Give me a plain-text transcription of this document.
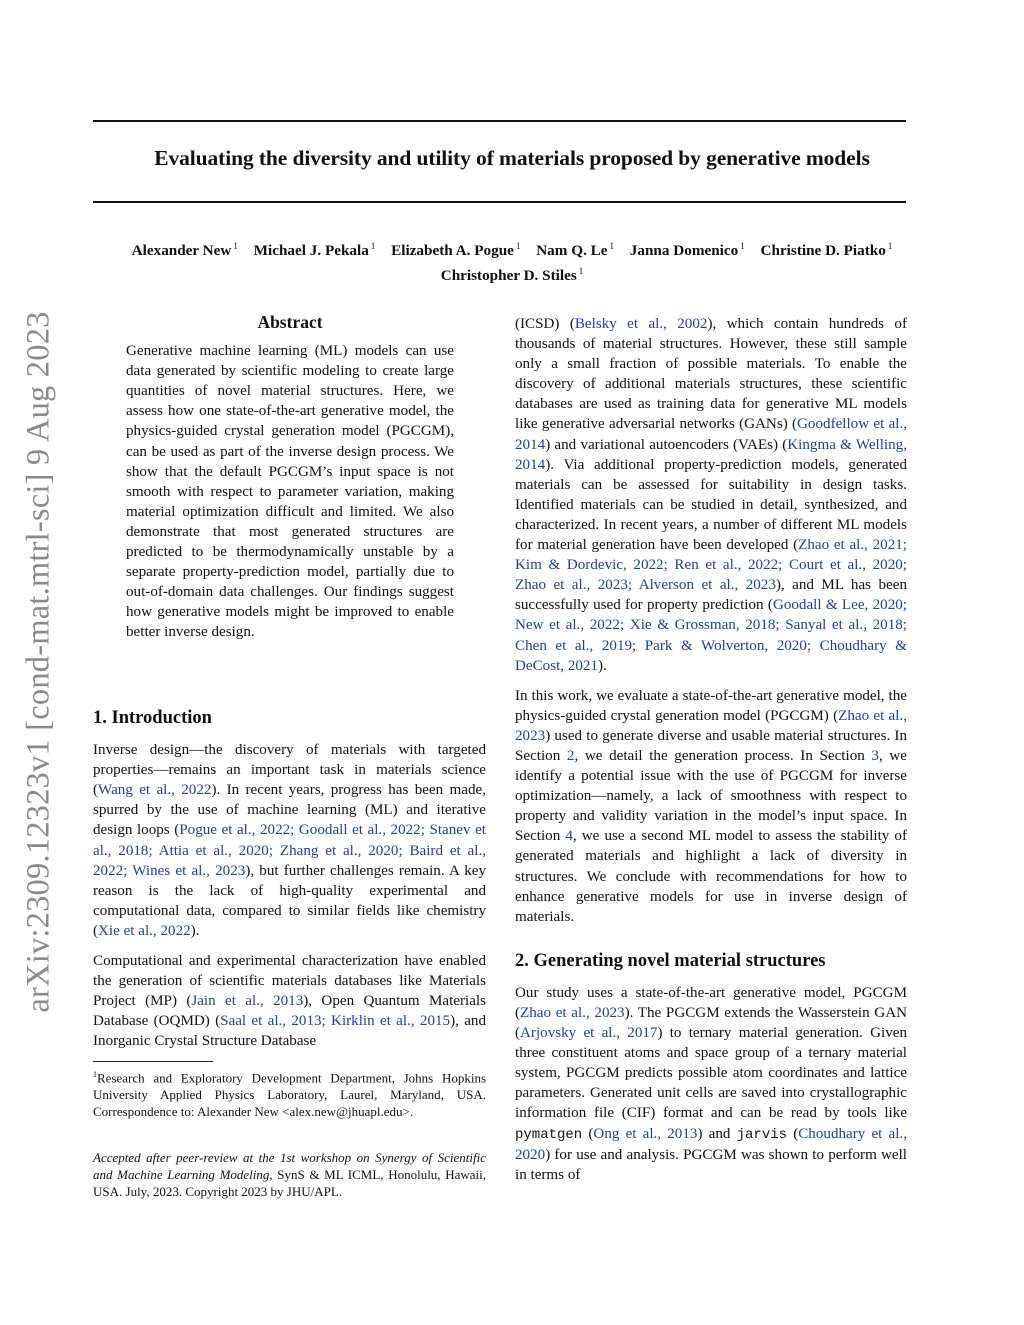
arXiv:2309.12323v1 [cond-mat.mtrl-sci] 9 Aug 2023
Evaluating the diversity and utility of materials proposed by generative models
Alexander New $^1$ Michael J. Pekala $^1$ Elizabeth A. Pogue $^1$ Nam Q. Le $^1$ Janna Domenico $^1$ Christine D. Piatko $^1$
Christopher D. Stiles $^1$
Abstract
Generative machine learning (ML) models can use data generated by scientific modeling to create large quantities of novel material structures. Here, we assess how one state-of-the-art generative model, the physics-guided crystal generation model (PGCGM), can be used as part of the inverse design process. We show that the default PGCGM’s input space is not smooth with respect to parameter variation, making material optimization difficult and limited. We also demonstrate that most generated structures are predicted to be thermodynamically unstable by a separate property-prediction model, partially due to out-of-domain data challenges. Our findings suggest how generative models might be improved to enable better inverse design.
1. Introduction

Inverse design—the discovery of materials with targeted properties—remains an important task in materials science (Wang et al., 2022). In recent years, progress has been made, spurred by the use of machine learning (ML) and iterative design loops (Pogue et al., 2022; Goodall et al., 2022; Stanev et al., 2018; Attia et al., 2020; Zhang et al., 2020; Baird et al., 2022; Wines et al., 2023), but further challenges remain. A key reason is the lack of high-quality experimental and computational data, compared to similar fields like chemistry (Xie et al., 2022).

Computational and experimental characterization have enabled the generation of scientific materials databases like Materials Project (MP) (Jain et al., 2013), Open Quantum Materials Database (OQMD) (Saal et al., 2013; Kirklin et al., 2015), and Inorganic Crystal Structure Database

$^1$Research and Exploratory Development Department, Johns Hopkins University Applied Physics Laboratory, Laurel, Maryland, USA. Correspondence to: Alexander New <alex.new@jhuapl.edu>.
Accepted after peer-review at the 1st workshop on Synergy of Scientific and Machine Learning Modeling, SynS & ML ICML, Honolulu, Hawaii, USA. July, 2023. Copyright 2023 by JHU/APL.

(ICSD) (Belsky et al., 2002), which contain hundreds of thousands of material structures. However, these still sample only a small fraction of possible materials. To enable the discovery of additional materials structures, these scientific databases are used as training data for generative ML models like generative adversarial networks (GANs) (Goodfellow et al., 2014) and variational autoencoders (VAEs) (Kingma & Welling, 2014). Via additional property-prediction models, generated materials can be assessed for suitability in design tasks. Identified materials can be studied in detail, synthesized, and characterized. In recent years, a number of different ML models for material generation have been developed (Zhao et al., 2021; Kim & Dordevic, 2022; Ren et al., 2022; Court et al., 2020; Zhao et al., 2023; Alverson et al., 2023), and ML has been successfully used for property prediction (Goodall & Lee, 2020; New et al., 2022; Xie & Grossman, 2018; Sanyal et al., 2018; Chen et al., 2019; Park & Wolverton, 2020; Choudhary & DeCost, 2021).

In this work, we evaluate a state-of-the-art generative model, the physics-guided crystal generation model (PGCGM) (Zhao et al., 2023) used to generate diverse and usable material structures. In Section 2, we detail the generation process. In Section 3, we identify a potential issue with the use of PGCGM for inverse optimization—namely, a lack of smoothness with respect to property and validity variation in the model’s input space. In Section 4, we use a second ML model to assess the stability of generated materials and highlight a lack of diversity in structures. We conclude with recommendations for how to enhance generative models for use in inverse design of materials.

2. Generating novel material structures

Our study uses a state-of-the-art generative model, PGCGM (Zhao et al., 2023). The PGCGM extends the Wasserstein GAN (Arjovsky et al., 2017) to ternary material generation. Given three constituent atoms and space group of a ternary material system, PGCGM predicts possible atom coordinates and lattice parameters. Generated unit cells are saved into crystallographic information file (CIF) format and can be read by tools like pymatgen (Ong et al., 2013) and jarvis (Choudhary et al., 2020) for use and analysis. PGCGM was shown to perform well in terms of
